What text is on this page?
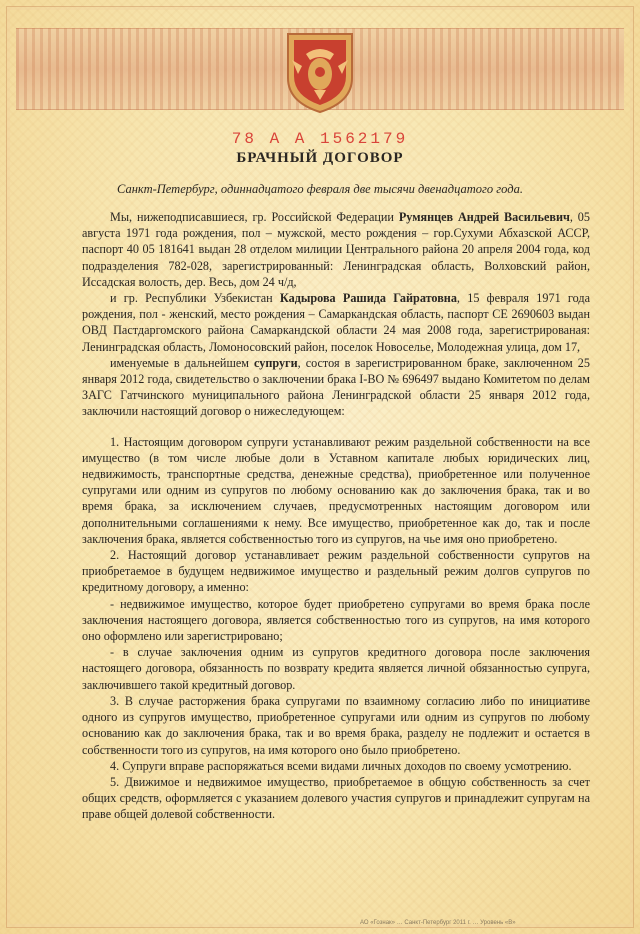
78 А А 1562179
БРАЧНЫЙ ДОГОВОР
Санкт-Петербург, одиннадцатого февраля две тысячи двенадцатого года.

Мы, нижеподписавшиеся, гр. Российской Федерации Румянцев Андрей Васильевич, 05 августа 1971 года рождения, пол – мужской, место рождения – гор.Сухуми Абхазской АССР, паспорт 40 05 181641 выдан 28 отделом милиции Центрального района 20 апреля 2004 года, код подразделения 782-028, зарегистрированный: Ленинградская область, Волховский район, Иссадская волость, дер. Весь, дом 24 ч/д,

и гр. Республики Узбекистан Кадырова Рашида Гайратовна, 15 февраля 1971 года рождения, пол - женский, место рождения – Самаркандская область, паспорт СЕ 2690603 выдан ОВД Пастдаргомского района Самаркандской области 24 мая 2008 года, зарегистрированая: Ленинградская область, Ломоносовский район, поселок Новоселье, Молодежная улица, дом 17,

именуемые в дальнейшем супруги, состоя в зарегистрированном браке, заключенном 25 января 2012 года, свидетельство о заключении брака I-ВО № 696497 выдано Комитетом по делам ЗАГС Гатчинского муниципального района Ленинградской области 25 января 2012 года, заключили настоящий договор о нижеследующем:

1. Настоящим договором супруги устанавливают режим раздельной собственности на все имущество (в том числе любые доли в Уставном капитале любых юридических лиц, недвижимость, транспортные средства, денежные средства), приобретенное или полученное супругами или одним из супругов по любому основанию как до заключения брака, так и во время брака, за исключением случаев, предусмотренных настоящим договором или дополнительными соглашениями к нему. Все имущество, приобретенное как до, так и после заключения брака, является собственностью того из супругов, на чье имя оно приобретено.

2. Настоящий договор устанавливает режим раздельной собственности супругов на приобретаемое в будущем недвижимое имущество и раздельный режим долгов супругов по кредитному договору, а именно:

- недвижимое имущество, которое будет приобретено супругами во время брака после заключения настоящего договора, является собственностью того из супругов, на имя которого оно оформлено или зарегистрировано;

- в случае заключения одним из супругов кредитного договора после заключения настоящего договора, обязанность по возврату кредита является личной обязанностью супруга, заключившего такой кредитный договор.

3. В случае расторжения брака супругами по взаимному согласию либо по инициативе одного из супругов имущество, приобретенное супругами или одним из супругов по любому основанию как до заключения брака, так и во время брака, разделу не подлежит и остается в собственности того из супругов, на имя которого оно было приобретено.

4. Супруги вправе распоряжаться всеми видами личных доходов по своему усмотрению.

5. Движимое и недвижимое имущество, приобретаемое в общую собственность за счет общих средств, оформляется с указанием долевого участия супругов и принадлежит супругам на праве общей долевой собственности.

АО «Гознак» … Санкт-Петербург 2011 г. … Уровень «В»
